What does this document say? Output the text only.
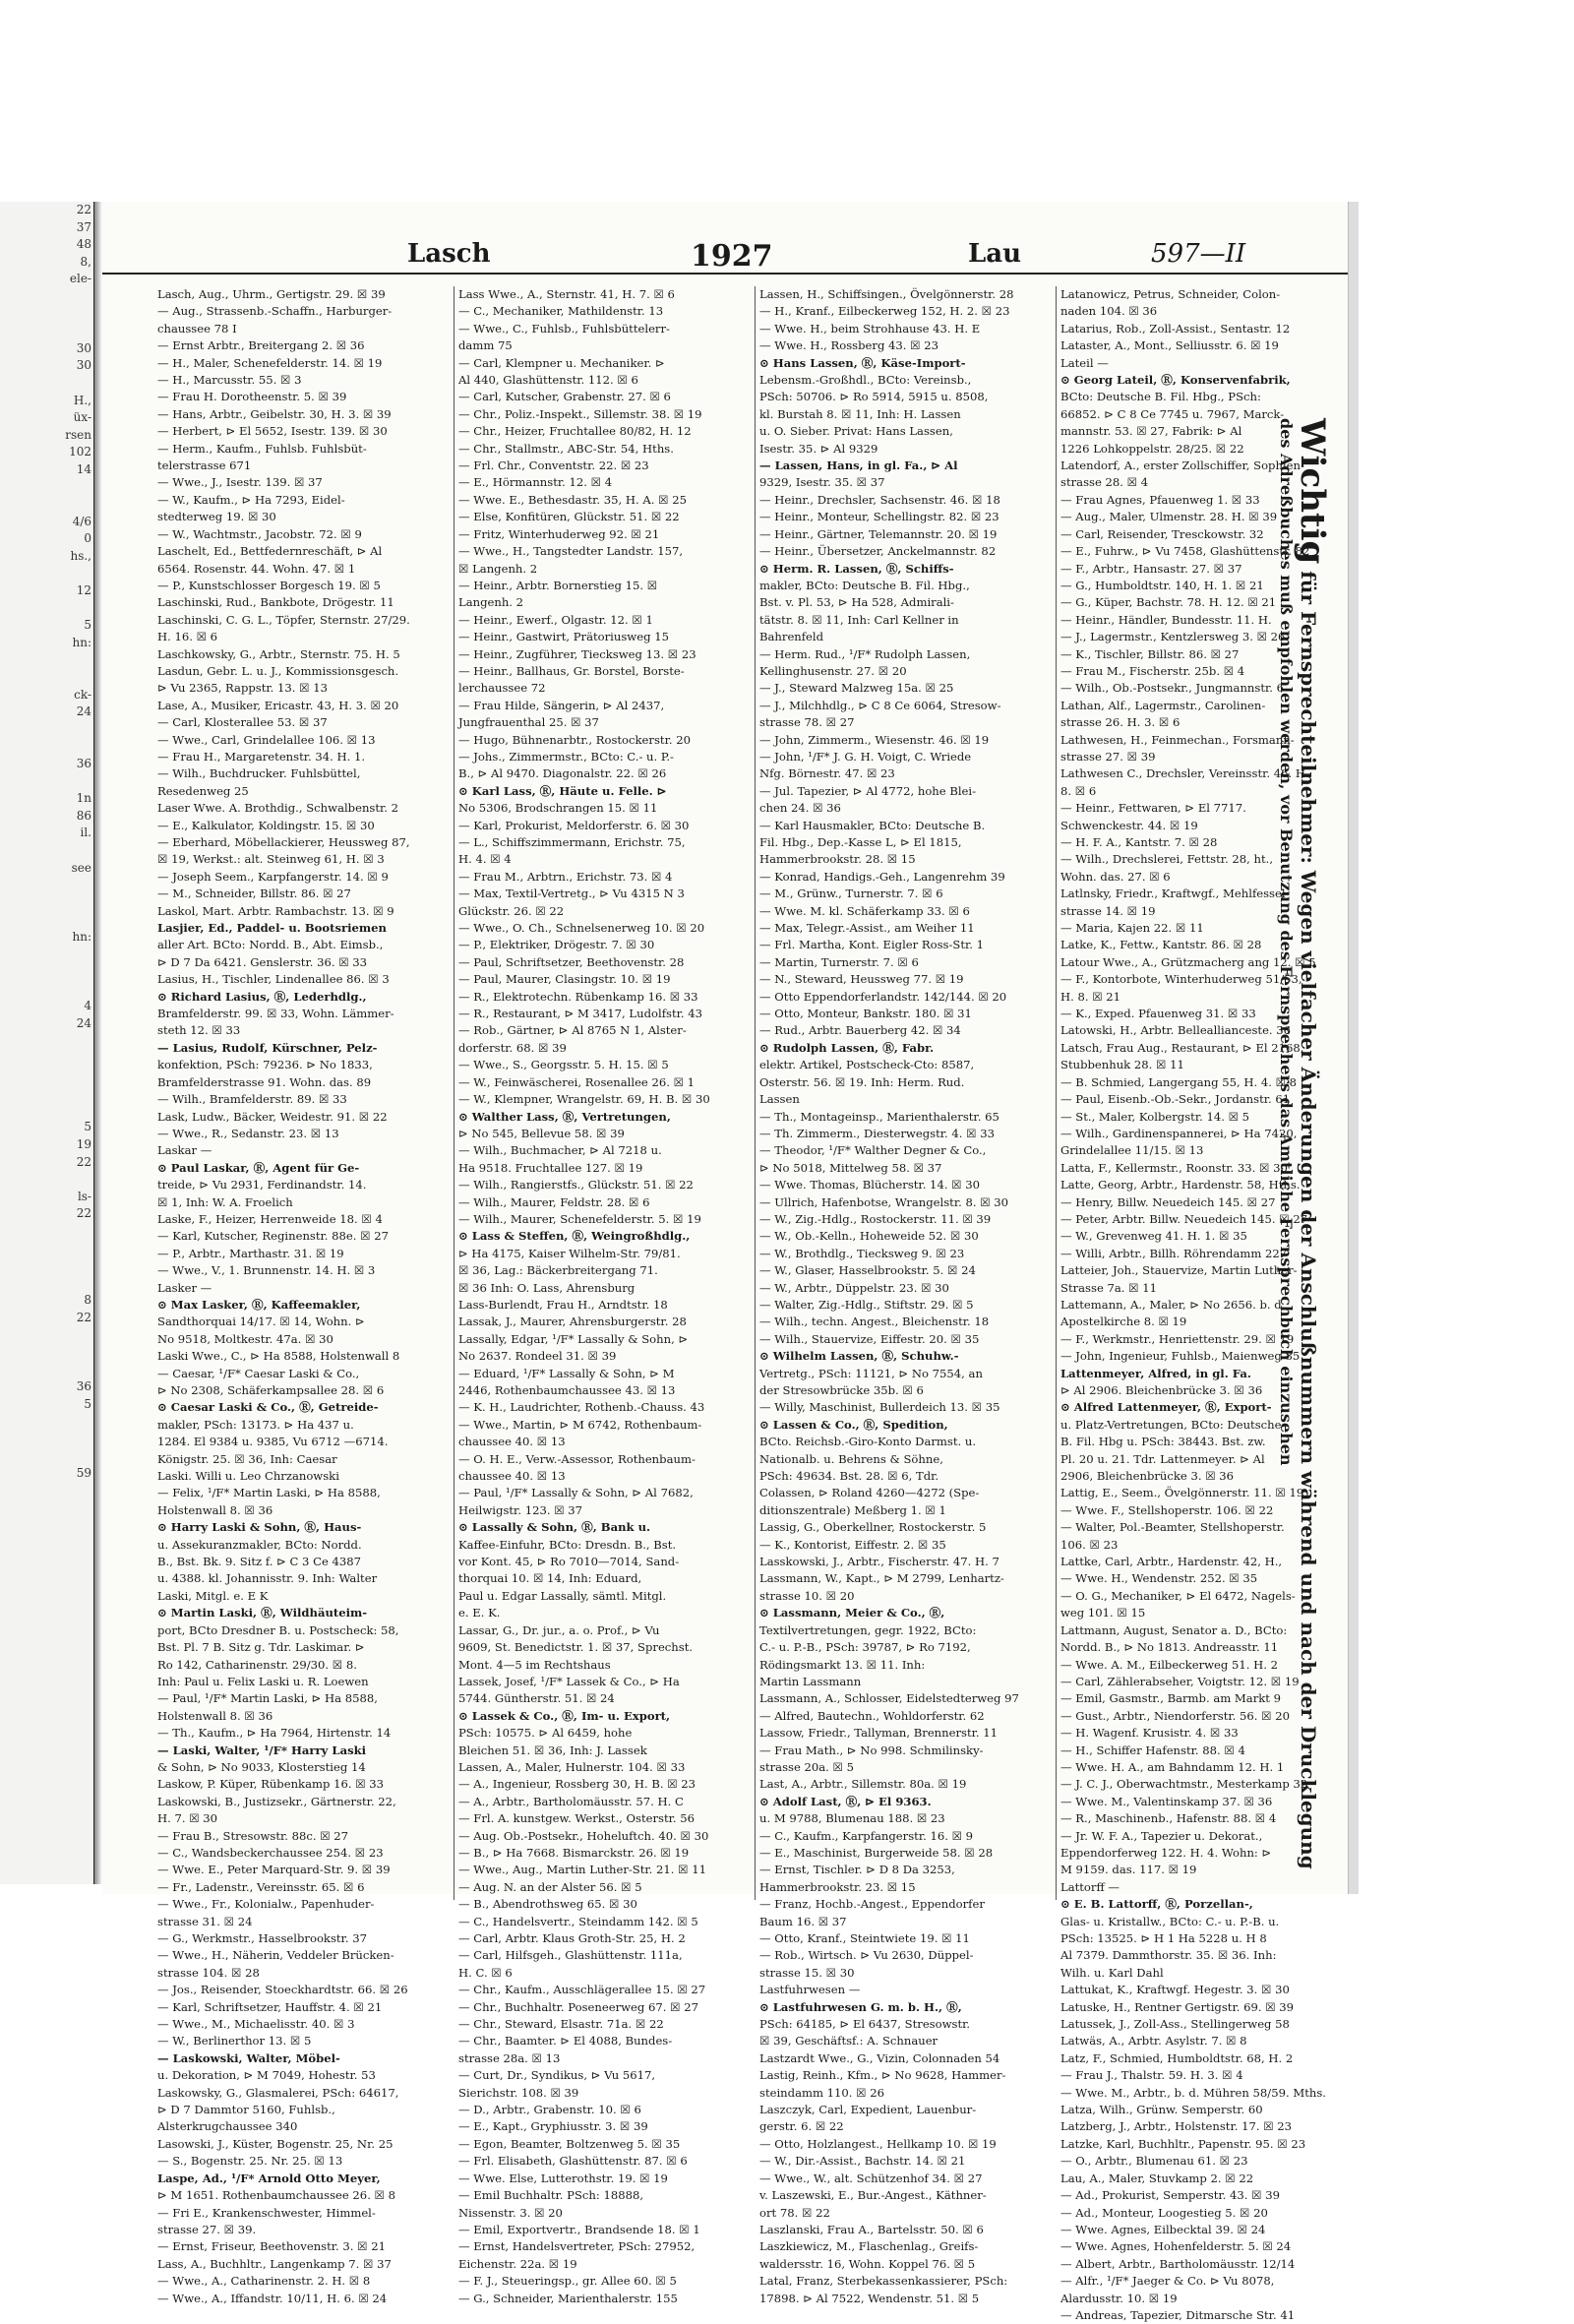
22
37
48
8,
ele-

30
30

H.,
üx-
rsen
102
14

4/6
0
hs.,

12

5
hn:

ck-
24

36

1n
86
il.

see

hn:

4
24

5
19
22

ls-
22

8
22

36
5

59
Lasch	1927	Lau	597—II

Lasch, Aug., Uhrm., Gertigstr. 29. ☒ 39

— Aug., Strassenb.-Schaffn., Harburger-

chaussee 78 I

— Ernst Arbtr., Breitergang 2. ☒ 36

— H., Maler, Schenefelderstr. 14. ☒ 19

— H., Marcusstr. 55. ☒ 3

— Frau H. Dorotheenstr. 5. ☒ 39

— Hans, Arbtr., Geibelstr. 30, H. 3. ☒ 39

— Herbert, ⊳ El 5652, Isestr. 139. ☒ 30

— Herm., Kaufm., Fuhlsb. Fuhlsbüt-

telerstrasse 671

— Wwe., J., Isestr. 139. ☒ 37

— W., Kaufm., ⊳ Ha 7293, Eidel-

stedterweg 19. ☒ 30

— W., Wachtmstr., Jacobstr. 72. ☒ 9

Laschelt, Ed., Bettfedernreschäft, ⊳ Al

6564. Rosenstr. 44. Wohn. 47. ☒ 1

— P., Kunstschlosser Borgesch 19. ☒ 5

Laschinski, Rud., Bankbote, Drögestr. 11

Laschinski, C. G. L., Töpfer, Sternstr. 27/29.

H. 16. ☒ 6

Laschkowsky, G., Arbtr., Sternstr. 75. H. 5

Lasdun, Gebr. L. u. J., Kommissionsgesch.

⊳ Vu 2365, Rappstr. 13. ☒ 13

Lase, A., Musiker, Ericastr. 43, H. 3. ☒ 20

— Carl, Klosterallee 53. ☒ 37

— Wwe., Carl, Grindelallee 106. ☒ 13

— Frau H., Margaretenstr. 34. H. 1.

— Wilh., Buchdrucker. Fuhlsbüttel,

Resedenweg 25

Laser Wwe. A. Brothdig., Schwalbenstr. 2

— E., Kalkulator, Koldingstr. 15. ☒ 30

— Eberhard, Möbellackierer, Heussweg 87,

☒ 19, Werkst.: alt. Steinweg 61, H. ☒ 3

— Joseph Seem., Karpfangerstr. 14. ☒ 9

— M., Schneider, Billstr. 86. ☒ 27

Laskol, Mart. Arbtr. Rambachstr. 13. ☒ 9

Lasjier, Ed., Paddel- u. Bootsriemen

aller Art. BCto: Nordd. B., Abt. Eimsb.,

⊳ D 7 Da 6421. Genslerstr. 36. ☒ 33

Lasius, H., Tischler, Lindenallee 86. ☒ 3

⊙ Richard Lasius, Ⓡ, Lederhdlg.,

Bramfelderstr. 99. ☒ 33, Wohn. Lämmer-

steth 12. ☒ 33

— Lasius, Rudolf, Kürschner, Pelz-

konfektion, PSch: 79236. ⊳ No 1833,

Bramfelderstrasse 91. Wohn. das. 89

— Wilh., Bramfelderstr. 89. ☒ 33

Lask, Ludw., Bäcker, Weidestr. 91. ☒ 22

— Wwe., R., Sedanstr. 23. ☒ 13

Laskar —

⊙ Paul Laskar, Ⓡ, Agent für Ge-

treide, ⊳ Vu 2931, Ferdinandstr. 14.

☒ 1, Inh: W. A. Froelich

Laske, F., Heizer, Herrenweide 18. ☒ 4

— Karl, Kutscher, Reginenstr. 88e. ☒ 27

— P., Arbtr., Marthastr. 31. ☒ 19

— Wwe., V., 1. Brunnenstr. 14. H. ☒ 3

Lasker —

⊙ Max Lasker, Ⓡ, Kaffeemakler,

Sandthorquai 14/17. ☒ 14, Wohn. ⊳

No 9518, Moltkestr. 47a. ☒ 30

Laski Wwe., C., ⊳ Ha 8588, Holstenwall 8

— Caesar, ¹/F* Caesar Laski & Co.,

⊳ No 2308, Schäferkampsallee 28. ☒ 6

⊙ Caesar Laski & Co., Ⓡ, Getreide-

makler, PSch: 13173. ⊳ Ha 437 u.

1284. El 9384 u. 9385, Vu 6712 —6714.

Königstr. 25. ☒ 36, Inh: Caesar

Laski. Willi u. Leo Chrzanowski

— Felix, ¹/F* Martin Laski, ⊳ Ha 8588,

Holstenwall 8. ☒ 36

⊙ Harry Laski & Sohn, Ⓡ, Haus-

u. Assekuranzmakler, BCto: Nordd.

B., Bst. Bk. 9. Sitz f. ⊳ C 3 Ce 4387

u. 4388. kl. Johannisstr. 9. Inh: Walter

Laski, Mitgl. e. E K

⊙ Martin Laski, Ⓡ, Wildhäuteim-

port, BCto Dresdner B. u. Postscheck: 58,

Bst. Pl. 7 B. Sitz g. Tdr. Laskimar. ⊳

Ro 142, Catharinenstr. 29/30. ☒ 8.

Inh: Paul u. Felix Laski u. R. Loewen

— Paul, ¹/F* Martin Laski, ⊳ Ha 8588,

Holstenwall 8. ☒ 36

— Th., Kaufm., ⊳ Ha 7964, Hirtenstr. 14

— Laski, Walter, ¹/F* Harry Laski

& Sohn, ⊳ No 9033, Klosterstieg 14

Laskow, P. Küper, Rübenkamp 16. ☒ 33

Laskowski, B., Justizsekr., Gärtnerstr. 22,

H. 7. ☒ 30

— Frau B., Stresowstr. 88c. ☒ 27

— C., Wandsbeckerchaussee 254. ☒ 23

— Wwe. E., Peter Marquard-Str. 9. ☒ 39

— Fr., Ladenstr., Vereinsstr. 65. ☒ 6

— Wwe., Fr., Kolonialw., Papenhuder-

strasse 31. ☒ 24

— G., Werkmstr., Hasselbrookstr. 37

— Wwe., H., Näherin, Veddeler Brücken-

strasse 104. ☒ 28

— Jos., Reisender, Stoeckhardtstr. 66. ☒ 26

— Karl, Schriftsetzer, Hauffstr. 4. ☒ 21

— Wwe., M., Michaelisstr. 40. ☒ 3

— W., Berlinerthor 13. ☒ 5

— Laskowski, Walter, Möbel-

u. Dekoration, ⊳ M 7049, Hohestr. 53

Laskowsky, G., Glasmalerei, PSch: 64617,

⊳ D 7 Dammtor 5160, Fuhlsb.,

Alsterkrugchaussee 340

Lasowski, J., Küster, Bogenstr. 25, Nr. 25

— S., Bogenstr. 25. Nr. 25. ☒ 13

Laspe, Ad., ¹/F* Arnold Otto Meyer,

⊳ M 1651. Rothenbaumchaussee 26. ☒ 8

— Fri E., Krankenschwester, Himmel-

strasse 27. ☒ 39.

— Ernst, Friseur, Beethovenstr. 3. ☒ 21

Lass, A., Buchhltr., Langenkamp 7. ☒ 37

— Wwe., A., Catharinenstr. 2. H. ☒ 8

— Wwe., A., Iffandstr. 10/11, H. 6. ☒ 24

Lass Wwe., A., Sternstr. 41, H. 7. ☒ 6

— C., Mechaniker, Mathildenstr. 13

— Wwe., C., Fuhlsb., Fuhlsbüttelerr-

damm 75

— Carl, Klempner u. Mechaniker. ⊳

Al 440, Glashüttenstr. 112. ☒ 6

— Carl, Kutscher, Grabenstr. 27. ☒ 6

— Chr., Poliz.-Inspekt., Sillemstr. 38. ☒ 19

— Chr., Heizer, Fruchtallee 80/82, H. 12

— Chr., Stallmstr., ABC-Str. 54, Hths.

— Frl. Chr., Conventstr. 22. ☒ 23

— E., Hörmannstr. 12. ☒ 4

— Wwe. E., Bethesdastr. 35, H. A. ☒ 25

— Else, Konfitüren, Glückstr. 51. ☒ 22

— Fritz, Winterhuderweg 92. ☒ 21

— Wwe., H., Tangstedter Landstr. 157,

☒ Langenh. 2

— Heinr., Arbtr. Bornerstieg 15. ☒

Langenh. 2

— Heinr., Ewerf., Olgastr. 12. ☒ 1

— Heinr., Gastwirt, Prätoriusweg 15

— Heinr., Zugführer, Tiecksweg 13. ☒ 23

— Heinr., Ballhaus, Gr. Borstel, Borste-

lerchaussee 72

— Frau Hilde, Sängerin, ⊳ Al 2437,

Jungfrauenthal 25. ☒ 37

— Hugo, Bühnenarbtr., Rostockerstr. 20

— Johs., Zimmermstr., BCto: C.- u. P.-

B., ⊳ Al 9470. Diagonalstr. 22. ☒ 26

⊙ Karl Lass, Ⓡ, Häute u. Felle. ⊳

No 5306, Brodschrangen 15. ☒ 11

— Karl, Prokurist, Meldorferstr. 6. ☒ 30

— L., Schiffszimmermann, Erichstr. 75,

H. 4. ☒ 4

— Frau M., Arbtrn., Erichstr. 73. ☒ 4

— Max, Textil-Vertretg., ⊳ Vu 4315 N 3

Glückstr. 26. ☒ 22

— Wwe., O. Ch., Schnelsenerweg 10. ☒ 20

— P., Elektriker, Drögestr. 7. ☒ 30

— Paul, Schriftsetzer, Beethovenstr. 28

— Paul, Maurer, Clasingstr. 10. ☒ 19

— R., Elektrotechn. Rübenkamp 16. ☒ 33

— R., Restaurant, ⊳ M 3417, Ludolfstr. 43

— Rob., Gärtner, ⊳ Al 8765 N 1, Alster-

dorferstr. 68. ☒ 39

— Wwe., S., Georgsstr. 5. H. 15. ☒ 5

— W., Feinwäscherei, Rosenallee 26. ☒ 1

— W., Klempner, Wrangelstr. 69, H. B. ☒ 30

⊙ Walther Lass, Ⓡ, Vertretungen,

⊳ No 545, Bellevue 58. ☒ 39

— Wilh., Buchmacher, ⊳ Al 7218 u.

Ha 9518. Fruchtallee 127. ☒ 19

— Wilh., Rangierstfs., Glückstr. 51. ☒ 22

— Wilh., Maurer, Feldstr. 28. ☒ 6

— Wilh., Maurer, Schenefelderstr. 5. ☒ 19

⊙ Lass & Steffen, Ⓡ, Weingroßhdlg.,

⊳ Ha 4175, Kaiser Wilhelm-Str. 79/81.

☒ 36, Lag.: Bäckerbreitergang 71.

☒ 36 Inh: O. Lass, Ahrensburg

Lass-Burlendt, Frau H., Arndtstr. 18

Lassak, J., Maurer, Ahrensburgerstr. 28

Lassally, Edgar, ¹/F* Lassally & Sohn, ⊳

No 2637. Rondeel 31. ☒ 39

— Eduard, ¹/F* Lassally & Sohn, ⊳ M

2446, Rothenbaumchaussee 43. ☒ 13

— K. H., Laudrichter, Rothenb.-Chauss. 43

— Wwe., Martin, ⊳ M 6742, Rothenbaum-

chaussee 40. ☒ 13

— O. H. E., Verw.-Assessor, Rothenbaum-

chaussee 40. ☒ 13

— Paul, ¹/F* Lassally & Sohn, ⊳ Al 7682,

Heilwigstr. 123. ☒ 37

⊙ Lassally & Sohn, Ⓡ, Bank u.

Kaffee-Einfuhr, BCto: Dresdn. B., Bst.

vor Kont. 45, ⊳ Ro 7010—7014, Sand-

thorquai 10. ☒ 14, Inh: Eduard,

Paul u. Edgar Lassally, sämtl. Mitgl.

e. E. K.

Lassar, G., Dr. jur., a. o. Prof., ⊳ Vu

9609, St. Benedictstr. 1. ☒ 37, Sprechst.

Mont. 4—5 im Rechtshaus

Lassek, Josef, ¹/F* Lassek & Co., ⊳ Ha

5744. Güntherstr. 51. ☒ 24

⊙ Lassek & Co., Ⓡ, Im- u. Export,

PSch: 10575. ⊳ Al 6459, hohe

Bleichen 51. ☒ 36, Inh: J. Lassek

Lassen, A., Maler, Hulnerstr. 104. ☒ 33

— A., Ingenieur, Rossberg 30, H. B. ☒ 23

— A., Arbtr., Bartholomäusstr. 57. H. C

— Frl. A. kunstgew. Werkst., Osterstr. 56

— Aug. Ob.-Postsekr., Hoheluftch. 40. ☒ 30

— B., ⊳ Ha 7668. Bismarckstr. 26. ☒ 19

— Wwe., Aug., Martin Luther-Str. 21. ☒ 11

— Aug. N. an der Alster 56. ☒ 5

— B., Abendrothsweg 65. ☒ 30

— C., Handelsvertr., Steindamm 142. ☒ 5

— Carl, Arbtr. Klaus Groth-Str. 25, H. 2

— Carl, Hilfsgeh., Glashüttenstr. 111a,

H. C. ☒ 6

— Chr., Kaufm., Ausschlägerallee 15. ☒ 27

— Chr., Buchhaltr. Poseneerweg 67. ☒ 27

— Chr., Steward, Elsastr. 71a. ☒ 22

— Chr., Baamter. ⊳ El 4088, Bundes-

strasse 28a. ☒ 13

— Curt, Dr., Syndikus, ⊳ Vu 5617,

Sierichstr. 108. ☒ 39

— D., Arbtr., Grabenstr. 10. ☒ 6

— E., Kapt., Gryphiusstr. 3. ☒ 39

— Egon, Beamter, Boltzenweg 5. ☒ 35

— Frl. Elisabeth, Glashüttenstr. 87. ☒ 6

— Wwe. Else, Lutterothstr. 19. ☒ 19

— Emil Buchhaltr. PSch: 18888,

Nissenstr. 3. ☒ 20

— Emil, Exportvertr., Brandsende 18. ☒ 1

— Ernst, Handelsvertreter, PSch: 27952,

Eichenstr. 22a. ☒ 19

— F. J., Steueringsp., gr. Allee 60. ☒ 5

— G., Schneider, Marienthalerstr. 155

Lassen, H., Schiffsingen., Övelgönnerstr. 28

— H., Kranf., Eilbeckerweg 152, H. 2. ☒ 23

— Wwe. H., beim Strohhause 43. H. E

— Wwe. H., Rossberg 43. ☒ 23

⊙ Hans Lassen, Ⓡ, Käse-Import-

Lebensm.-Großhdl., BCto: Vereinsb.,

PSch: 50706. ⊳ Ro 5914, 5915 u. 8508,

kl. Burstah 8. ☒ 11, Inh: H. Lassen

u. O. Sieber. Privat: Hans Lassen,

Isestr. 35. ⊳ Al 9329

— Lassen, Hans, in gl. Fa., ⊳ Al

9329, Isestr. 35. ☒ 37

— Heinr., Drechsler, Sachsenstr. 46. ☒ 18

— Heinr., Monteur, Schellingstr. 82. ☒ 23

— Heinr., Gärtner, Telemannstr. 20. ☒ 19

— Heinr., Übersetzer, Anckelmannstr. 82

⊙ Herm. R. Lassen, Ⓡ, Schiffs-

makler, BCto: Deutsche B. Fil. Hbg.,

Bst. v. Pl. 53, ⊳ Ha 528, Admirali-

tätstr. 8. ☒ 11, Inh: Carl Kellner in

Bahrenfeld

— Herm. Rud., ¹/F* Rudolph Lassen,

Kellinghusenstr. 27. ☒ 20

— J., Steward Malzweg 15a. ☒ 25

— J., Milchhdlg., ⊳ C 8 Ce 6064, Stresow-

strasse 78. ☒ 27

— John, Zimmerm., Wiesenstr. 46. ☒ 19

— John, ¹/F* J. G. H. Voigt, C. Wriede

Nfg. Börnestr. 47. ☒ 23

— Jul. Tapezier, ⊳ Al 4772, hohe Blei-

chen 24. ☒ 36

— Karl Hausmakler, BCto: Deutsche B.

Fil. Hbg., Dep.-Kasse L, ⊳ El 1815,

Hammerbrookstr. 28. ☒ 15

— Konrad, Handigs.-Geh., Langenrehm 39

— M., Grünw., Turnerstr. 7. ☒ 6

— Wwe. M. kl. Schäferkamp 33. ☒ 6

— Max, Telegr.-Assist., am Weiher 11

— Frl. Martha, Kont. Eigler Ross-Str. 1

— Martin, Turnerstr. 7. ☒ 6

— N., Steward, Heussweg 77. ☒ 19

— Otto Eppendorferlandstr. 142/144. ☒ 20

— Otto, Monteur, Bankstr. 180. ☒ 31

— Rud., Arbtr. Bauerberg 42. ☒ 34

⊙ Rudolph Lassen, Ⓡ, Fabr.

elektr. Artikel, Postscheck-Cto: 8587,

Osterstr. 56. ☒ 19. Inh: Herm. Rud.

Lassen

— Th., Montageinsp., Marienthalerstr. 65

— Th. Zimmerm., Diesterwegstr. 4. ☒ 33

— Theodor, ¹/F* Walther Degner & Co.,

⊳ No 5018, Mittelweg 58. ☒ 37

— Wwe. Thomas, Blücherstr. 14. ☒ 30

— Ullrich, Hafenbotse, Wrangelstr. 8. ☒ 30

— W., Zig.-Hdlg., Rostockerstr. 11. ☒ 39

— W., Ob.-Kelln., Hoheweide 52. ☒ 30

— W., Brothdlg., Tiecksweg 9. ☒ 23

— W., Glaser, Hasselbrookstr. 5. ☒ 24

— W., Arbtr., Düppelstr. 23. ☒ 30

— Walter, Zig.-Hdlg., Stiftstr. 29. ☒ 5

— Wilh., techn. Angest., Bleichenstr. 18

— Wilh., Stauervize, Eiffestr. 20. ☒ 35

⊙ Wilhelm Lassen, Ⓡ, Schuhw.-

Vertretg., PSch: 11121, ⊳ No 7554, an

der Stresowbrücke 35b. ☒ 6

— Willy, Maschinist, Bullerdeich 13. ☒ 35

⊙ Lassen & Co., Ⓡ, Spedition,

BCto. Reichsb.-Giro-Konto Darmst. u.

Nationalb. u. Behrens & Söhne,

PSch: 49634. Bst. 28. ☒ 6, Tdr.

Colassen, ⊳ Roland 4260—4272 (Spe-

ditionszentrale) Meßberg 1. ☒ 1

Lassig, G., Oberkellner, Rostockerstr. 5

— K., Kontorist, Eiffestr. 2. ☒ 35

Lasskowski, J., Arbtr., Fischerstr. 47. H. 7

Lassmann, W., Kapt., ⊳ M 2799, Lenhartz-

strasse 10. ☒ 20

⊙ Lassmann, Meier & Co., Ⓡ,

Textilvertretungen, gegr. 1922, BCto:

C.- u. P.-B., PSch: 39787, ⊳ Ro 7192,

Rödingsmarkt 13. ☒ 11. Inh:

Martin Lassmann

Lassmann, A., Schlosser, Eidelstedterweg 97

— Alfred, Bautechn., Wohldorferstr. 62

Lassow, Friedr., Tallyman, Brennerstr. 11

— Frau Math., ⊳ No 998. Schmilinsky-

strasse 20a. ☒ 5

Last, A., Arbtr., Sillemstr. 80a. ☒ 19

⊙ Adolf Last, Ⓡ, ⊳ El 9363.

u. M 9788, Blumenau 188. ☒ 23

— C., Kaufm., Karpfangerstr. 16. ☒ 9

— E., Maschinist, Burgerweide 58. ☒ 28

— Ernst, Tischler. ⊳ D 8 Da 3253,

Hammerbrookstr. 23. ☒ 15

— Franz, Hochb.-Angest., Eppendorfer

Baum 16. ☒ 37

— Otto, Kranf., Steintwiete 19. ☒ 11

— Rob., Wirtsch. ⊳ Vu 2630, Düppel-

strasse 15. ☒ 30

Lastfuhrwesen —

⊙ Lastfuhrwesen G. m. b. H., Ⓡ,

PSch: 64185, ⊳ El 6437, Stresowstr.

☒ 39, Geschäftsf.: A. Schnauer

Lastzardt Wwe., G., Vizin, Colonnaden 54

Lastig, Reinh., Kfm., ⊳ No 9628, Hammer-

steindamm 110. ☒ 26

Laszczyk, Carl, Expedient, Lauenbur-

gerstr. 6. ☒ 22

— Otto, Holzlangest., Hellkamp 10. ☒ 19

— W., Dir.-Assist., Bachstr. 14. ☒ 21

— Wwe., W., alt. Schützenhof 34. ☒ 27

v. Laszewski, E., Bur.-Angest., Käthner-

ort 78. ☒ 22

Laszlanski, Frau A., Bartelsstr. 50. ☒ 6

Laszkiewicz, M., Flaschenlag., Greifs-

waldersstr. 16, Wohn. Koppel 76. ☒ 5

Latal, Franz, Sterbekassenkassierer, PSch:

17898. ⊳ Al 7522, Wendenstr. 51. ☒ 5

Latanowicz, Petrus, Schneider, Colon-

naden 104. ☒ 36

Latarius, Rob., Zoll-Assist., Sentastr. 12

Lataster, A., Mont., Selliusstr. 6. ☒ 19

Lateil —

⊙ Georg Lateil, Ⓡ, Konservenfabrik,

BCto: Deutsche B. Fil. Hbg., PSch:

66852. ⊳ C 8 Ce 7745 u. 7967, Marck-

mannstr. 53. ☒ 27, Fabrik: ⊳ Al

1226 Lohkoppelstr. 28/25. ☒ 22

Latendorf, A., erster Zollschiffer, Sophien-

strasse 28. ☒ 4

— Frau Agnes, Pfauenweg 1. ☒ 33

— Aug., Maler, Ulmenstr. 28. H. ☒ 39

— Carl, Reisender, Tresckowstr. 32

— E., Fuhrw., ⊳ Vu 7458, Glashüttenstr. 82

— F., Arbtr., Hansastr. 27. ☒ 37

— G., Humboldtstr. 140, H. 1. ☒ 21

— G., Küper, Bachstr. 78. H. 12. ☒ 21

— Heinr., Händler, Bundesstr. 11. H.

— J., Lagermstr., Kentzlersweg 3. ☒ 26

— K., Tischler, Billstr. 86. ☒ 27

— Frau M., Fischerstr. 25b. ☒ 4

— Wilh., Ob.-Postsekr., Jungmannstr. 6

Lathan, Alf., Lagermstr., Carolinen-

strasse 26. H. 3. ☒ 6

Lathwesen, H., Feinmechan., Forsmann-

strasse 27. ☒ 39

Lathwesen C., Drechsler, Vereinsstr. 46. H.

8. ☒ 6

— Heinr., Fettwaren, ⊳ El 7717.

Schwenckestr. 44. ☒ 19

— H. F. A., Kantstr. 7. ☒ 28

— Wilh., Drechslerei, Fettstr. 28, ht.,

Wohn. das. 27. ☒ 6

Latlnsky, Friedr., Kraftwgf., Mehlfessel-

strasse 14. ☒ 19

— Maria, Kajen 22. ☒ 11

Latke, K., Fettw., Kantstr. 86. ☒ 28

Latour Wwe., A., Grützmacherg ang 12. ☒ 5

— F., Kontorbote, Winterhuderweg 51/53,

H. 8. ☒ 21

— K., Exped. Pfauenweg 31. ☒ 33

Latowski, H., Arbtr. Belleallianceste. 36

Latsch, Frau Aug., Restaurant, ⊳ El 2168,

Stubbenhuk 28. ☒ 11

— B. Schmied, Langergang 55, H. 4. ☒ 8

— Paul, Eisenb.-Ob.-Sekr., Jordanstr. 61

— St., Maler, Kolbergstr. 14. ☒ 5

— Wilh., Gardinenspannerei, ⊳ Ha 7420,

Grindelallee 11/15. ☒ 13

Latta, F., Kellermstr., Roonstr. 33. ☒ 30

Latte, Georg, Arbtr., Hardenstr. 58, Hths.

— Henry, Billw. Neuedeich 145. ☒ 27

— Peter, Arbtr. Billw. Neuedeich 145. ☒ 27

— W., Grevenweg 41. H. 1. ☒ 35

— Willi, Arbtr., Billh. Röhrendamm 227

Latteier, Joh., Stauervize, Martin Luther-

Strasse 7a. ☒ 11

Lattemann, A., Maler, ⊳ No 2656. b. d.

Apostelkirche 8. ☒ 19

— F., Werkmstr., Henriettenstr. 29. ☒ 19

— John, Ingenieur, Fuhlsb., Maienweg 85

Lattenmeyer, Alfred, in gl. Fa.

⊳ Al 2906. Bleichenbrücke 3. ☒ 36

⊙ Alfred Lattenmeyer, Ⓡ, Export-

u. Platz-Vertretungen, BCto: Deutsche

B. Fil. Hbg u. PSch: 38443. Bst. zw.

Pl. 20 u. 21. Tdr. Lattenmeyer. ⊳ Al

2906, Bleichenbrücke 3. ☒ 36

Lattig, E., Seem., Övelgönnerstr. 11. ☒ 19

— Wwe. F., Stellshoperstr. 106. ☒ 22

— Walter, Pol.-Beamter, Stellshoperstr.

106. ☒ 23

Lattke, Carl, Arbtr., Hardenstr. 42, H.,

— Wwe. H., Wendenstr. 252. ☒ 35

— O. G., Mechaniker, ⊳ El 6472, Nagels-

weg 101. ☒ 15

Lattmann, August, Senator a. D., BCto:

Nordd. B., ⊳ No 1813. Andreasstr. 11

— Wwe. A. M., Eilbeckerweg 51. H. 2

— Carl, Zählerabseher, Voigtstr. 12. ☒ 19

— Emil, Gasmstr., Barmb. am Markt 9

— Gust., Arbtr., Niendorferstr. 56. ☒ 20

— H. Wagenf. Krusistr. 4. ☒ 33

— H., Schiffer Hafenstr. 88. ☒ 4

— Wwe. H. A., am Bahndamm 12. H. 1

— J. C. J., Oberwachtmstr., Mesterkamp 32

— Wwe. M., Valentinskamp 37. ☒ 36

— R., Maschinenb., Hafenstr. 88. ☒ 4

— Jr. W. F. A., Tapezier u. Dekorat.,

Eppendorferweg 122. H. 4. Wohn: ⊳

M 9159. das. 117. ☒ 19

Lattorff —

⊙ E. B. Lattorff, Ⓡ, Porzellan-,

Glas- u. Kristallw., BCto: C.- u. P.-B. u.

PSch: 13525. ⊳ H 1 Ha 5228 u. H 8

Al 7379. Dammthorstr. 35. ☒ 36. Inh:

Wilh. u. Karl Dahl

Lattukat, K., Kraftwgf. Hegestr. 3. ☒ 30

Latuske, H., Rentner Gertigstr. 69. ☒ 39

Latussek, J., Zoll-Ass., Stellingerweg 58

Latwäs, A., Arbtr. Asylstr. 7. ☒ 8

Latz, F., Schmied, Humboldtstr. 68, H. 2

— Frau J., Thalstr. 59. H. 3. ☒ 4

— Wwe. M., Arbtr., b. d. Mühren 58/59. Mths.

Latza, Wilh., Grünw. Semperstr. 60

Latzberg, J., Arbtr., Holstenstr. 17. ☒ 23

Latzke, Karl, Buchhltr., Papenstr. 95. ☒ 23

— O., Arbtr., Blumenau 61. ☒ 23

Lau, A., Maler, Stuvkamp 2. ☒ 22

— Ad., Prokurist, Semperstr. 43. ☒ 39

— Ad., Monteur, Loogestieg 5. ☒ 20

— Wwe. Agnes, Eilbecktal 39. ☒ 24

— Wwe. Agnes, Hohenfelderstr. 5. ☒ 24

— Albert, Arbtr., Bartholomäusstr. 12/14

— Alfr., ¹/F* Jaeger & Co. ⊳ Vu 8078,

Alardusstr. 10. ☒ 19

— Andreas, Tapezier, Ditmarsche Str. 41

Wichtig für Fernsprechteilnehmer: Wegen vielfacher Änderungen der Anschlußnummern während und nach der Drucklegung
des Adreßbuches muß empfohlen werden, vor Benutzung des Fernsprechers das Amtliche Fernsprechbuch einzusehen
